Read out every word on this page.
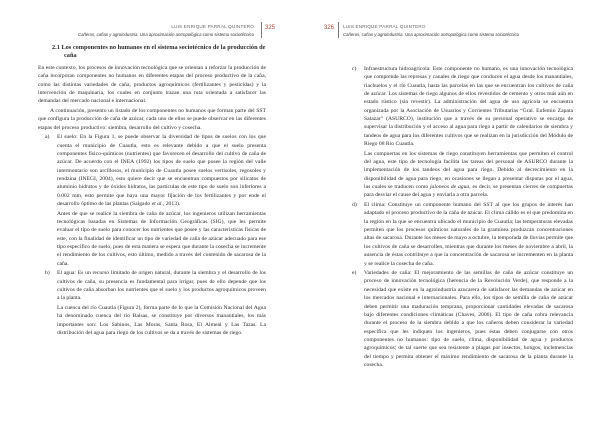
LUIS ENRIQUE PARRAL QUINTERO
Cañeros, cañas y agroindustria. Una aproximación antropológica como sistema sociotécnico
325

2.1 Los componentes no humanos en el sistema sociotécnico de la producción de caña

En este contexto, los procesos de innovación tecnológica que se orientan a reforzar la producción de caña incorporan componentes no humanos en diferentes etapas del proceso productivo de la caña, como las distintas variedades de caña, productos agroquímicos (fertilizantes y pesticidas) y la intervención de maquinaria, los cuales en conjunto trazan una ruta orientada a satisfacer las demandas del mercado nacional e internacional.

A continuación, presento un listado de los componentes no humanos que forman parte del SST que configura la producción de caña de azúcar, cada uno de ellos se puede observar en las diferentes etapas del proceso productivo: siembra, desarrollo del cultivo y cosecha.

a)	El suelo: En la Figura 1, se puede observar la diversidad de tipos de suelos con los que cuenta el municipio de Cuautla, esto es relevante debido a que el suelo presenta componentes físico-químicos (nutrientes) que favorecen el desarrollo del cultivo de caña de azúcar. De acuerdo con el INEA (1992) los tipos de suelo que posee la región del valle intermontario son arcillosos, el municipio de Cuautla posee suelos vertisoles, regosoles y rendzina (INEGI, 2004), esto quiere decir que se encuentran compuestos por silicatos de aluminio hidratos y de óxidos hidratos, las partículas de este tipo de suelo son inferiores a 0.002 mm, esto permite que haya una mayor fijación de los fertilizantes y por ende el desarrollo óptimo de las plantas (Salgado et al., 2013).

Antes de que se realice la siembra de caña de azúcar, los ingenieros utilizan herramientas tecnológicas basadas en Sistemas de Información Geográficas (SIG), que les permite evaluar el tipo de suelo para conocer los nutrientes que posee y las características físicas de este, con la finalidad de identificar un tipo de variedad de caña de azúcar adecuado para ese tipo específico de suelo, pues de esta manera se espera que durante la cosecha se incremente el rendimiento de los cultivos, esto último, medido a través del contenido de sacarosa de la caña.

b)	El agua: Es un recurso limitado de origen natural, durante la siembra y el desarrollo de los cultivos de caña, su presencia es fundamental para irrigar, pues de ello depende que los cultivos de caña absorban los nutrientes que el suelo y los productos agroquímicos proveen a la planta.

La cuenca del río Cuautla (Figura 2), forma parte de lo que la Comisión Nacional del Agua ha denominado cuenca del río Balsas, se constituye por diversos manantiales, los más importantes son: Los Sabinos, Las Moras, Santa Rosa, El Almeal y Las Tazas. La distribución del agua para riego de los cultivos se da a través de sistemas de riego.

326 LUIS ENRIQUE PARRAL QUINTERO
Cañeros, cañas y agroindustria. Una aproximación antropológica como sistema sociotécnico
c)	Infraestructura hidroagrícola: Este componente no humano, es una innovación tecnológica que comprende las represas y canales de riego que conducen el agua desde los manantiales, riachuelos y el río Cuautla, hasta las parcelas en las que se encuentran los cultivos de caña de azúcar. Los sistemas de riego algunos de ellos revestidos de cemento y otros más aún en estado rústico (sin revestir). La administración del agua de uso agrícola se encuentra organizada por la Asociación de Usuarios y Corrientes Tributarias “Gral. Eufemio Zapata Salazar” (ASURCO), institución que a través de su personal operativo se encarga de supervisar la distribución y el acceso al agua para riego a partir de calendarios de siembra y tandeos de agua para los diferentes cultivos que se realizan en la jurisdicción del Módulo de Riego 08 Río Cuautla.

Las compuertas en los sistemas de riego constituyen herramientas que permiten el control del agua, este tipo de tecnología facilita las tareas del personal de ASURCO durante la implementación de los tandeos del agua para riego. Debido al decrecimiento en la disponibilidad de agua para riego, en ocasiones se llegan a presentar disputas por el agua, las cuales se traducen como jaloneos de agua, es decir, se presentan cierres de compuertas para desviar el cause del agua y enviarla a otra parcela.

d)	El clima: Constituye un componente humano del SST al que los grupos de interés han adaptado el proceso productivo de la caña de azúcar. El clima cálido es el que predomina en la región en la que se encuentra ubicado el municipio de Cuautla; las temperaturas elevadas permiten que los procesos químicos naturales de la gramínea produzcan concentraciones altas de sacarosa. Durante los meses de mayo a octubre, la temporada de lluvias permite que los cultivos de caña se desarrollen, mientras que durante los meses de noviembre a abril, la ausencia de éstas contribuye a que la concentración de sacarosa se incrementen en la planta y se realice la cosecha de caña.
e)	Variedades de caña: El mejoramiento de las semillas de caña de azúcar constituye un proceso de innovación tecnológica (herencia de la Revolución Verde), que responde a la necesidad que existe en la agroindustria azucarera de satisfacer las demandas de azúcar en los mercados nacional e internacionales. Para ello, los tipos de semilla de caña de azúcar deben permitir una maduración temprana, proporcionar cantidades elevadas de sacarosa bajo diferentes condiciones climáticas (Chaves, 2006). El tipo de caña cobra relevancia durante el proceso de la siembra debido a que los cañeros deben considerar la variedad específica que les indiquen los ingenieros, pues éstas deben conjugarse con otros componentes no humanos: tipo de suelo, clima, disponibilidad de agua y productos agroquímicos; de tal suerte que sea resistente a plagas por insectos, hongos, inclemencias del tiempo y permita obtener el máximo rendimiento de sacarosa de la planta durante la cosecha.
